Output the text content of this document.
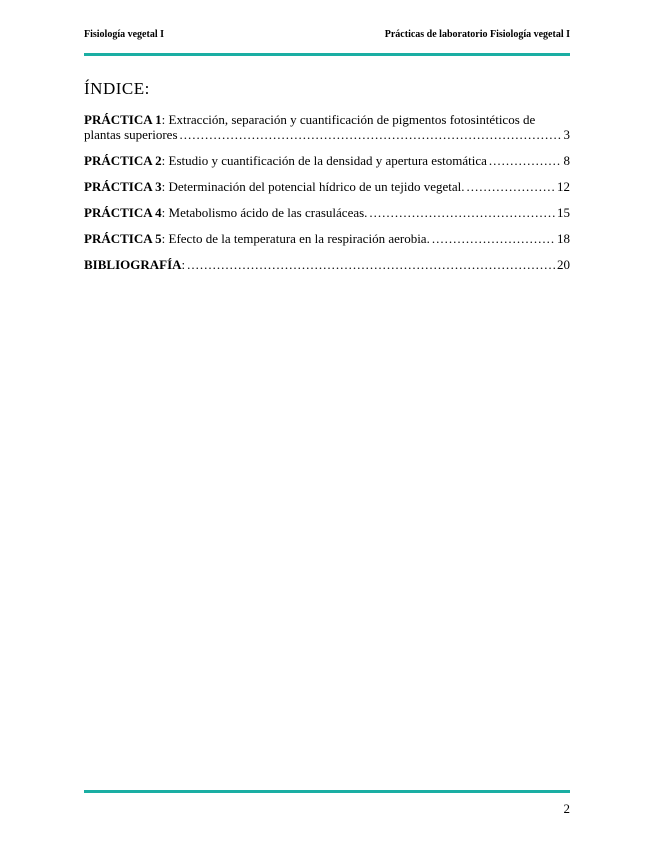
Fisiología vegetal I	Prácticas de laboratorio Fisiología vegetal I
ÍNDICE:
PRÁCTICA 1: Extracción, separación y cuantificación de pigmentos fotosintéticos de
plantas superiores .....	3
PRÁCTICA 2 : Estudio y cuantificación de la densidad y apertura estomática .....	8
PRÁCTICA 3 : Determinación del potencial hídrico de un tejido vegetal. .....	12
PRÁCTICA 4 : Metabolismo ácido de las crasuláceas. .....	15
PRÁCTICA 5 : Efecto de la temperatura en la respiración aerobia. .....	18
BIBLIOGRAFÍA : .....	20
2
